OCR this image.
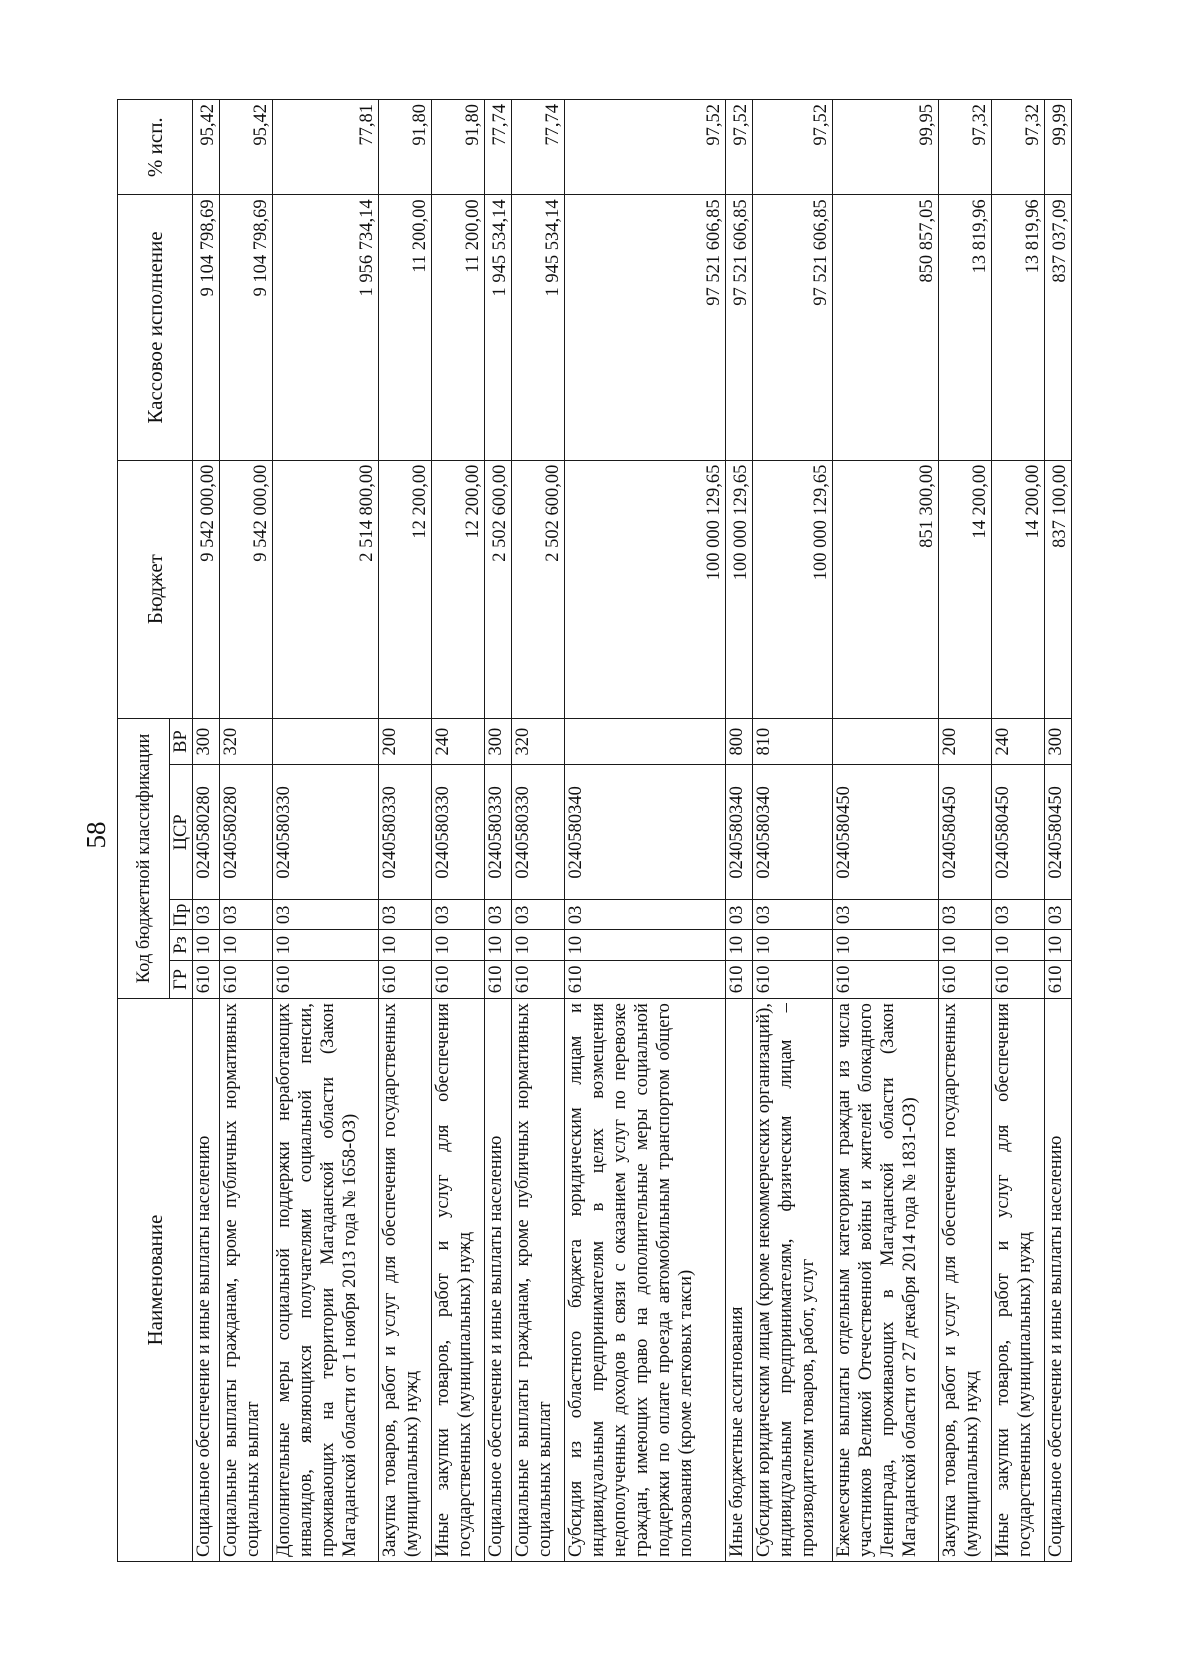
58
Наименование	Код бюджетной классификации					Бюджет	Кассовое исполнение	% исп.
	ГР	Рз	Пр	ЦСР	ВР			
Социальное обеспечение и иные выплаты населению	610	10	03	0240580280	300	9 542 000,00	9 104 798,69	95,42
Социальные выплаты гражданам, кроме публичных нормативных социальных выплат	610	10	03	0240580280	320	9 542 000,00	9 104 798,69	95,42
Дополнительные меры социальной поддержки неработающих инвалидов, являющихся получателями социальной пенсии, проживающих на территории Магаданской области (Закон Магаданской области от 1 ноября 2013 года № 1658-ОЗ)	610	10	03	0240580330		2 514 800,00	1 956 734,14	77,81
Закупка товаров, работ и услуг для обеспечения государственных (муниципальных) нужд	610	10	03	0240580330	200	12 200,00	11 200,00	91,80
Иные закупки товаров, работ и услуг для обеспечения государственных (муниципальных) нужд	610	10	03	0240580330	240	12 200,00	11 200,00	91,80
Социальное обеспечение и иные выплаты населению	610	10	03	0240580330	300	2 502 600,00	1 945 534,14	77,74
Социальные выплаты гражданам, кроме публичных нормативных социальных выплат	610	10	03	0240580330	320	2 502 600,00	1 945 534,14	77,74
Субсидия из областного бюджета юридическим лицам и индивидуальным предпринимателям в целях возмещения недополученных доходов в связи с оказанием услуг по перевозке граждан, имеющих право на дополнительные меры социальной поддержки по оплате проезда автомобильным транспортом общего пользования (кроме легковых такси)	610	10	03	0240580340		100 000 129,65	97 521 606,85	97,52
Иные бюджетные ассигнования	610	10	03	0240580340	800	100 000 129,65	97 521 606,85	97,52
Субсидии юридическим лицам (кроме некоммерческих организаций), индивидуальным предпринимателям, физическим лицам – производителям товаров, работ, услуг	610	10	03	0240580340	810	100 000 129,65	97 521 606,85	97,52
Ежемесячные выплаты отдельным категориям граждан из числа участников Великой Отечественной войны и жителей блокадного Ленинграда, проживающих в Магаданской области (Закон Магаданской области от 27 декабря 2014 года № 1831-ОЗ)	610	10	03	0240580450		851 300,00	850 857,05	99,95
Закупка товаров, работ и услуг для обеспечения государственных (муниципальных) нужд	610	10	03	0240580450	200	14 200,00	13 819,96	97,32
Иные закупки товаров, работ и услуг для обеспечения государственных (муниципальных) нужд	610	10	03	0240580450	240	14 200,00	13 819,96	97,32
Социальное обеспечение и иные выплаты населению	610	10	03	0240580450	300	837 100,00	837 037,09	99,99
